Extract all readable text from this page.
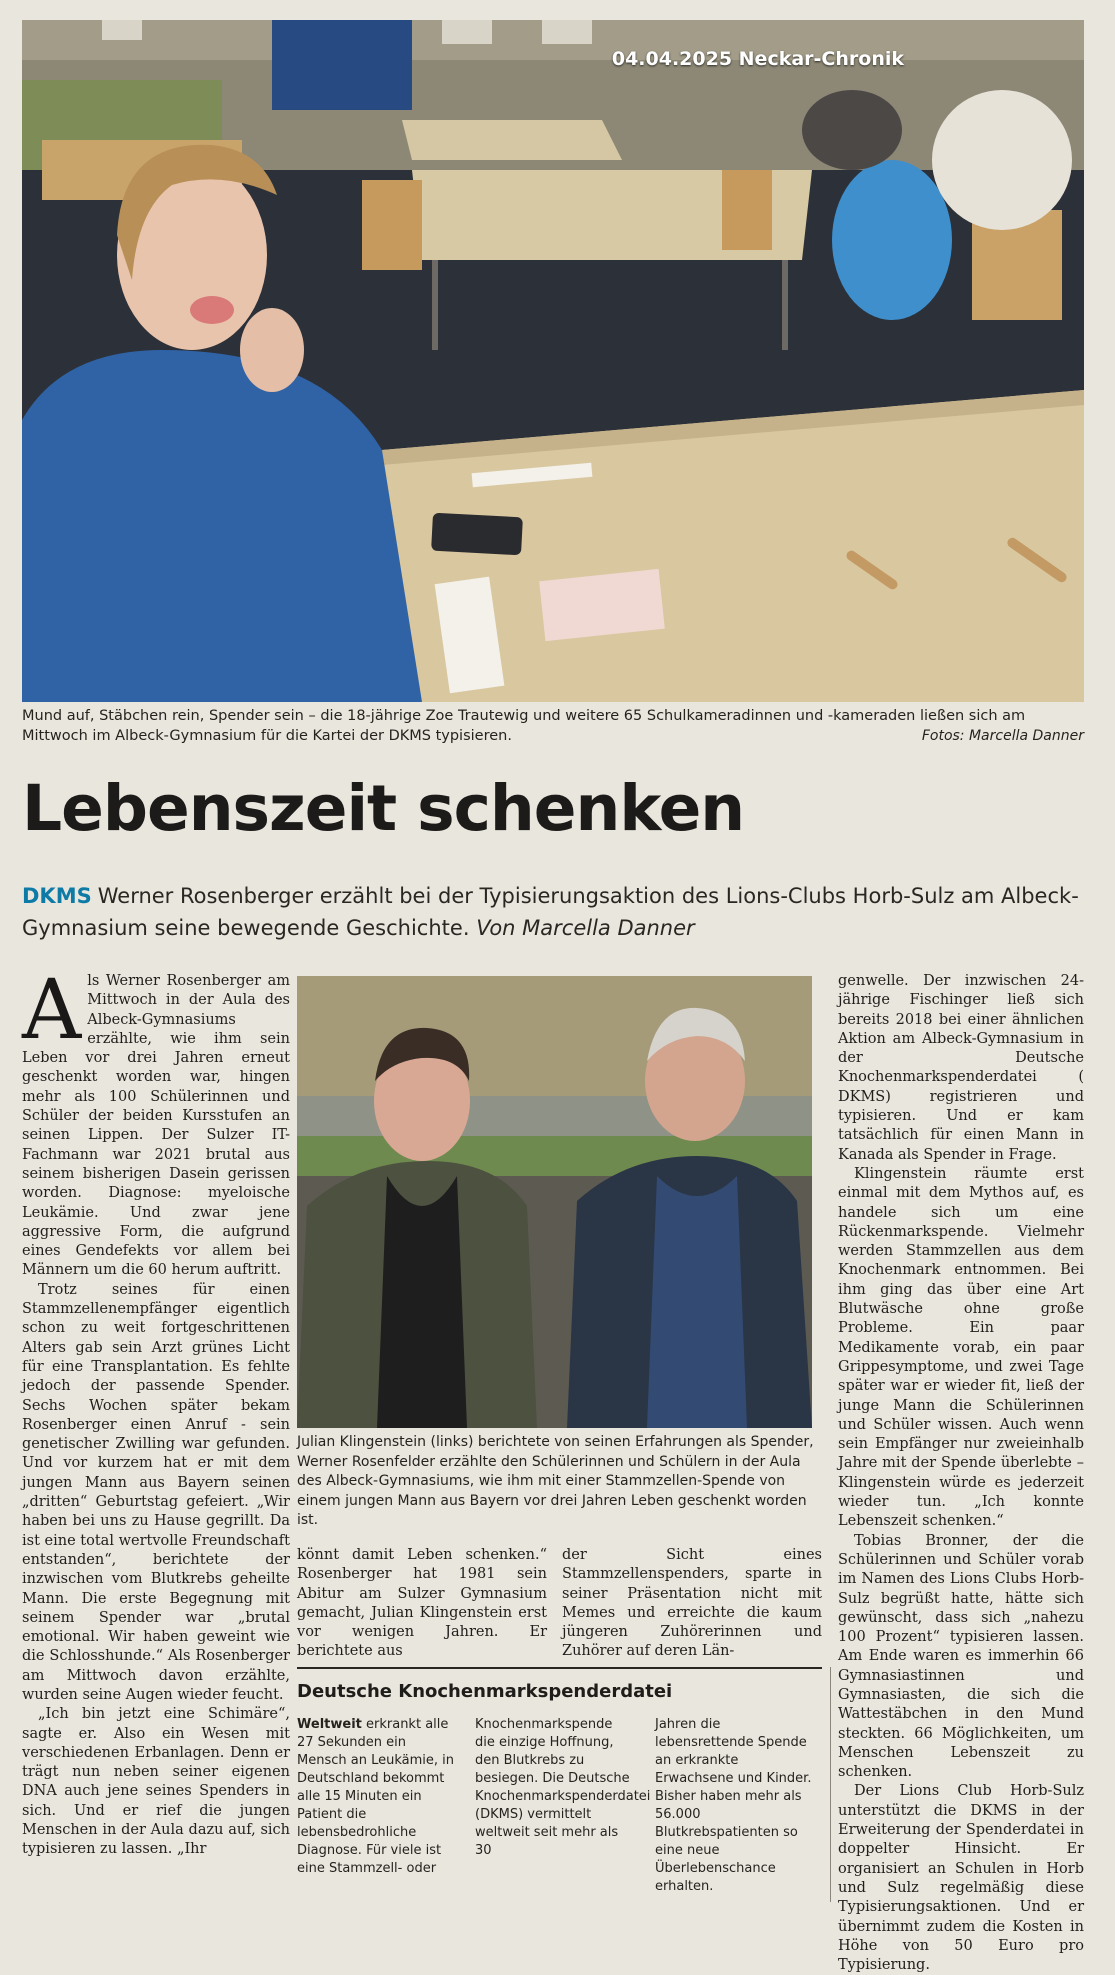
04.04.2025 Neckar-Chronik
Mund auf, Stäbchen rein, Spender sein – die 18-jährige Zoe Trautewig und weitere 65 Schulkameradinnen und -kameraden ließen sich am Mittwoch im Albeck-Gymnasium für die Kartei der DKMS typisieren.	Fotos: Marcella Danner
Lebenszeit schenken
DKMS Werner Rosenberger erzählt bei der Typisierungsaktion des Lions-Clubs Horb-Sulz am Albeck-Gymnasium seine bewegende Geschichte. Von Marcella Danner

Als Werner Rosenberger am Mittwoch in der Aula des Albeck-Gymnasiums erzählte, wie ihm sein Leben vor drei Jahren erneut geschenkt worden war, hingen mehr als 100 Schülerinnen und Schüler der beiden Kursstufen an seinen Lippen. Der Sulzer IT-Fachmann war 2021 brutal aus seinem bisherigen Dasein gerissen worden. Diagnose: myeloische Leukämie. Und zwar jene aggressive Form, die aufgrund eines Gendefekts vor allem bei Männern um die 60 herum auftritt.

Trotz seines für einen Stammzellenempfänger eigentlich schon zu weit fortgeschrittenen Alters gab sein Arzt grünes Licht für eine Transplantation. Es fehlte jedoch der passende Spender. Sechs Wochen später bekam Rosenberger einen Anruf - sein genetischer Zwilling war gefunden. Und vor kurzem hat er mit dem jungen Mann aus Bayern seinen „dritten“ Geburtstag gefeiert. „Wir haben bei uns zu Hause gegrillt. Da ist eine total wertvolle Freundschaft entstanden“, berichtete der inzwischen vom Blutkrebs geheilte Mann. Die erste Begegnung mit seinem Spender war „brutal emotional. Wir haben geweint wie die Schlosshunde.“ Als Rosenberger am Mittwoch davon erzählte, wurden seine Augen wieder feucht.

„Ich bin jetzt eine Schimäre“, sagte er. Also ein Wesen mit verschiedenen Erbanlagen. Denn er trägt nun neben seiner eigenen DNA auch jene seines Spenders in sich. Und er rief die jungen Menschen in der Aula dazu auf, sich typisieren zu lassen. „Ihr

Julian Klingenstein (links) berichtete von seinen Erfahrungen als Spender, Werner Rosenfelder erzählte den Schülerinnen und Schülern in der Aula des Albeck-Gymnasiums, wie ihm mit einer Stammzellen-Spende von einem jungen Mann aus Bayern vor drei Jahren Leben geschenkt worden ist.

könnt damit Leben schenken.“ Rosenberger hat 1981 sein Abitur am Sulzer Gymnasium gemacht, Julian Klingenstein erst vor wenigen Jahren. Er berichtete aus

der Sicht eines Stammzellenspenders, sparte in seiner Präsentation nicht mit Memes und erreichte die kaum jüngeren Zuhörerinnen und Zuhörer auf deren Län-

genwelle. Der inzwischen 24-jährige Fischinger ließ sich bereits 2018 bei einer ähnlichen Aktion am Albeck-Gymnasium in der Deutsche Knochenmarkspenderdatei ( DKMS) registrieren und typisieren. Und er kam tatsächlich für einen Mann in Kanada als Spender in Frage.

Klingenstein räumte erst einmal mit dem Mythos auf, es handele sich um eine Rückenmarkspende. Vielmehr werden Stammzellen aus dem Knochenmark entnommen. Bei ihm ging das über eine Art Blutwäsche ohne große Probleme. Ein paar Medikamente vorab, ein paar Grippesymptome, und zwei Tage später war er wieder fit, ließ der junge Mann die Schülerinnen und Schüler wissen. Auch wenn sein Empfänger nur zweieinhalb Jahre mit der Spende überlebte – Klingenstein würde es jederzeit wieder tun. „Ich konnte Lebenszeit schenken.“

Tobias Bronner, der die Schülerinnen und Schüler vorab im Namen des Lions Clubs Horb-Sulz begrüßt hatte, hätte sich gewünscht, dass sich „nahezu 100 Prozent“ typisieren lassen. Am Ende waren es immerhin 66 Gymnasiastinnen und Gymnasiasten, die sich die Wattestäbchen in den Mund steckten. 66 Möglichkeiten, um Menschen Lebenszeit zu schenken.

Der Lions Club Horb-Sulz unterstützt die DKMS in der Erweiterung der Spenderdatei in doppelter Hinsicht. Er organisiert an Schulen in Horb und Sulz regelmäßig diese Typisierungsaktionen. Und er übernimmt zudem die Kosten in Höhe von 50 Euro pro Typisierung.

Deutsche Knochenmarkspenderdatei
Weltweit erkrankt alle 27 Sekunden ein Mensch an Leukämie, in Deutschland bekommt alle 15 Minuten ein Patient die lebensbedrohliche Diagnose. Für viele ist eine Stammzell- oder
Knochenmarkspende die einzige Hoffnung, den Blutkrebs zu besiegen. Die Deutsche Knochenmarkspenderdatei (DKMS) vermittelt weltweit seit mehr als 30
Jahren die lebensrettende Spende an erkrankte Erwachsene und Kinder. Bisher haben mehr als 56.000 Blutkrebspatienten so eine neue Überlebenschance erhalten.
